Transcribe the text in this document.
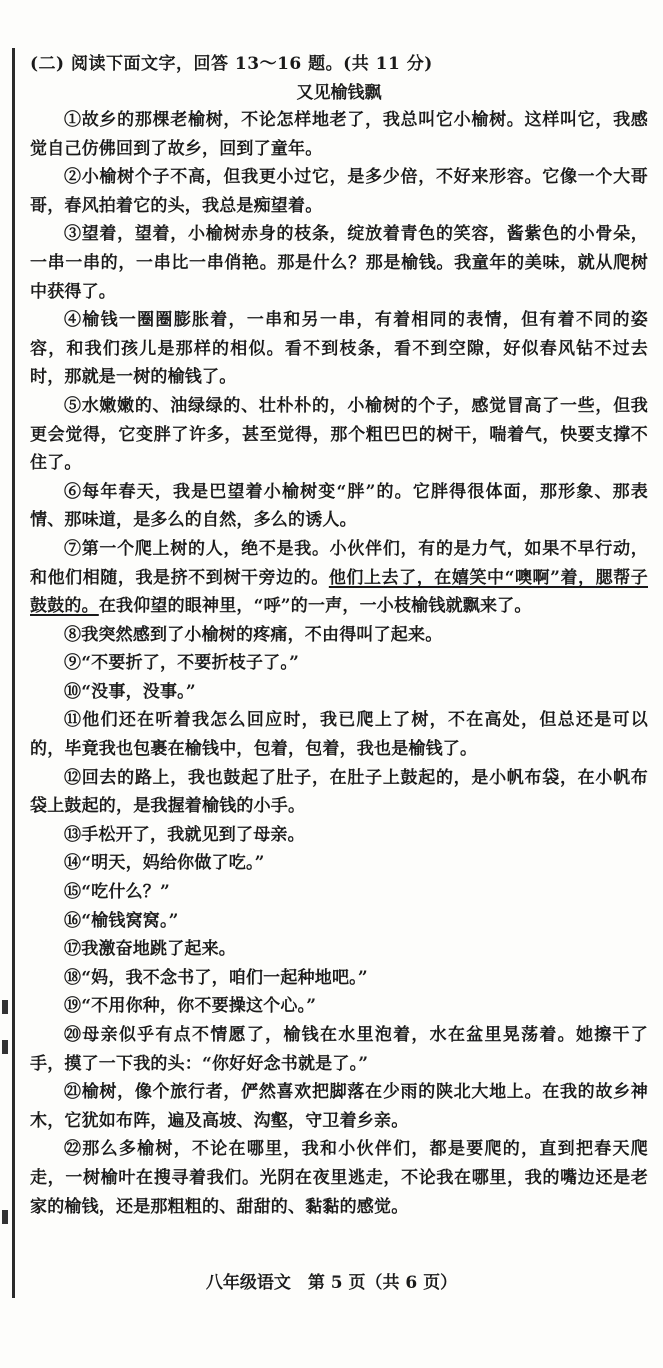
(二) 阅读下面文字，回答 13～16 题。(共 11 分)
又见榆钱飘
①故乡的那棵老榆树，不论怎样地老了，我总叫它小榆树。这样叫它，我感觉自己仿佛回到了故乡，回到了童年。
②小榆树个子不高，但我更小过它，是多少倍，不好来形容。它像一个大哥哥，春风拍着它的头，我总是痴望着。
③望着，望着，小榆树赤身的枝条，绽放着青色的笑容，酱紫色的小骨朵，一串一串的，一串比一串俏艳。那是什么？那是榆钱。我童年的美味，就从爬树中获得了。
④榆钱一圈圈膨胀着，一串和另一串，有着相同的表情，但有着不同的姿容，和我们孩儿是那样的相似。看不到枝条，看不到空隙，好似春风钻不过去时，那就是一树的榆钱了。
⑤水嫩嫩的、油绿绿的、壮朴朴的，小榆树的个子，感觉冒高了一些，但我更会觉得，它变胖了许多，甚至觉得，那个粗巴巴的树干，喘着气，快要支撑不住了。
⑥每年春天，我是巴望着小榆树变“胖”的。它胖得很体面，那形象、那表情、那味道，是多么的自然，多么的诱人。
⑦第一个爬上树的人，绝不是我。小伙伴们，有的是力气，如果不早行动，和他们相随，我是挤不到树干旁边的。他们上去了，在嬉笑中“噢啊”着，腮帮子鼓鼓的。在我仰望的眼神里，“呼”的一声，一小枝榆钱就飘来了。
⑧我突然感到了小榆树的疼痛，不由得叫了起来。
⑨“不要折了，不要折枝子了。”
⑩“没事，没事。”
⑪他们还在听着我怎么回应时，我已爬上了树，不在高处，但总还是可以的，毕竟我也包裹在榆钱中，包着，包着，我也是榆钱了。
⑫回去的路上，我也鼓起了肚子，在肚子上鼓起的，是小帆布袋，在小帆布袋上鼓起的，是我握着榆钱的小手。
⑬手松开了，我就见到了母亲。
⑭“明天，妈给你做了吃。”
⑮“吃什么？”
⑯“榆钱窝窝。”
⑰我激奋地跳了起来。
⑱“妈，我不念书了，咱们一起种地吧。”
⑲“不用你种，你不要操这个心。”
⑳母亲似乎有点不情愿了，榆钱在水里泡着，水在盆里晃荡着。她擦干了手，摸了一下我的头：“你好好念书就是了。”
㉑榆树，像个旅行者，俨然喜欢把脚落在少雨的陕北大地上。在我的故乡神木，它犹如布阵，遍及高坡、沟壑，守卫着乡亲。
㉒那么多榆树，不论在哪里，我和小伙伴们，都是要爬的，直到把春天爬走，一树榆叶在搜寻着我们。光阴在夜里逃走，不论我在哪里，我的嘴边还是老家的榆钱，还是那粗粗的、甜甜的、黏黏的感觉。
八年级语文　第 5 页（共 6 页）
